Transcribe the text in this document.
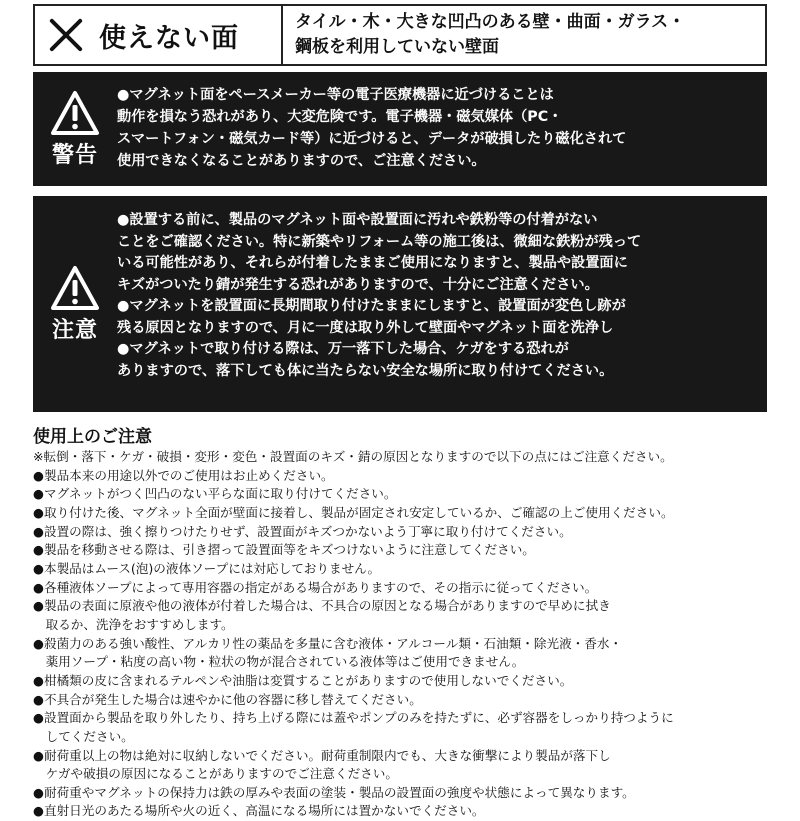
使えない面
タイル・木・大きな凹凸のある壁・曲面・ガラス・
鋼板を利用していない壁面
警告
●マグネット面をペースメーカー等の電子医療機器に近づけることは
動作を損なう恐れがあり、大変危険です。電子機器・磁気媒体（PC・
スマートフォン・磁気カード等）に近づけると、データが破損したり磁化されて
使用できなくなることがありますので、ご注意ください。
注意
●設置する前に、製品のマグネット面や設置面に汚れや鉄粉等の付着がない
ことをご確認ください。特に新築やリフォーム等の施工後は、微細な鉄粉が残って
いる可能性があり、それらが付着したままご使用になりますと、製品や設置面に
キズがついたり錆が発生する恐れがありますので、十分にご注意ください。
●マグネットを設置面に長期間取り付けたままにしますと、設置面が変色し跡が
残る原因となりますので、月に一度は取り外して壁面やマグネット面を洗浄し
●マグネットで取り付ける際は、万一落下した場合、ケガをする恐れが
ありますので、落下しても体に当たらない安全な場所に取り付けてください。
使用上のご注意
※転倒・落下・ケガ・破損・変形・変色・設置面のキズ・錆の原因となりますので以下の点にはご注意ください。
●製品本来の用途以外でのご使用はお止めください。
●マグネットがつく凹凸のない平らな面に取り付けてください。
●取り付けた後、マグネット全面が壁面に接着し、製品が固定され安定しているか、ご確認の上ご使用ください。
●設置の際は、強く擦りつけたりせず、設置面がキズつかないよう丁寧に取り付けてください。
●製品を移動させる際は、引き摺って設置面等をキズつけないように注意してください。
●本製品はムース(泡)の液体ソープには対応しておりません。
●各種液体ソープによって専用容器の指定がある場合がありますので、その指示に従ってください。
●製品の表面に原液や他の液体が付着した場合は、不具合の原因となる場合がありますので早めに拭き
　取るか、洗浄をおすすめします。
●殺菌力のある強い酸性、アルカリ性の薬品を多量に含む液体・アルコール類・石油類・除光液・香水・
　薬用ソープ・粘度の高い物・粒状の物が混合されている液体等はご使用できません。
●柑橘類の皮に含まれるテルペンや油脂は変質することがありますので使用しないでください。
●不具合が発生した場合は速やかに他の容器に移し替えてください。
●設置面から製品を取り外したり、持ち上げる際には蓋やポンプのみを持たずに、必ず容器をしっかり持つように
　してください。
●耐荷重以上の物は絶対に収納しないでください。耐荷重制限内でも、大きな衝撃により製品が落下し
　ケガや破損の原因になることがありますのでご注意ください。
●耐荷重やマグネットの保持力は鉄の厚みや表面の塗装・製品の設置面の強度や状態によって異なります。
●直射日光のあたる場所や火の近く、高温になる場所には置かないでください。
